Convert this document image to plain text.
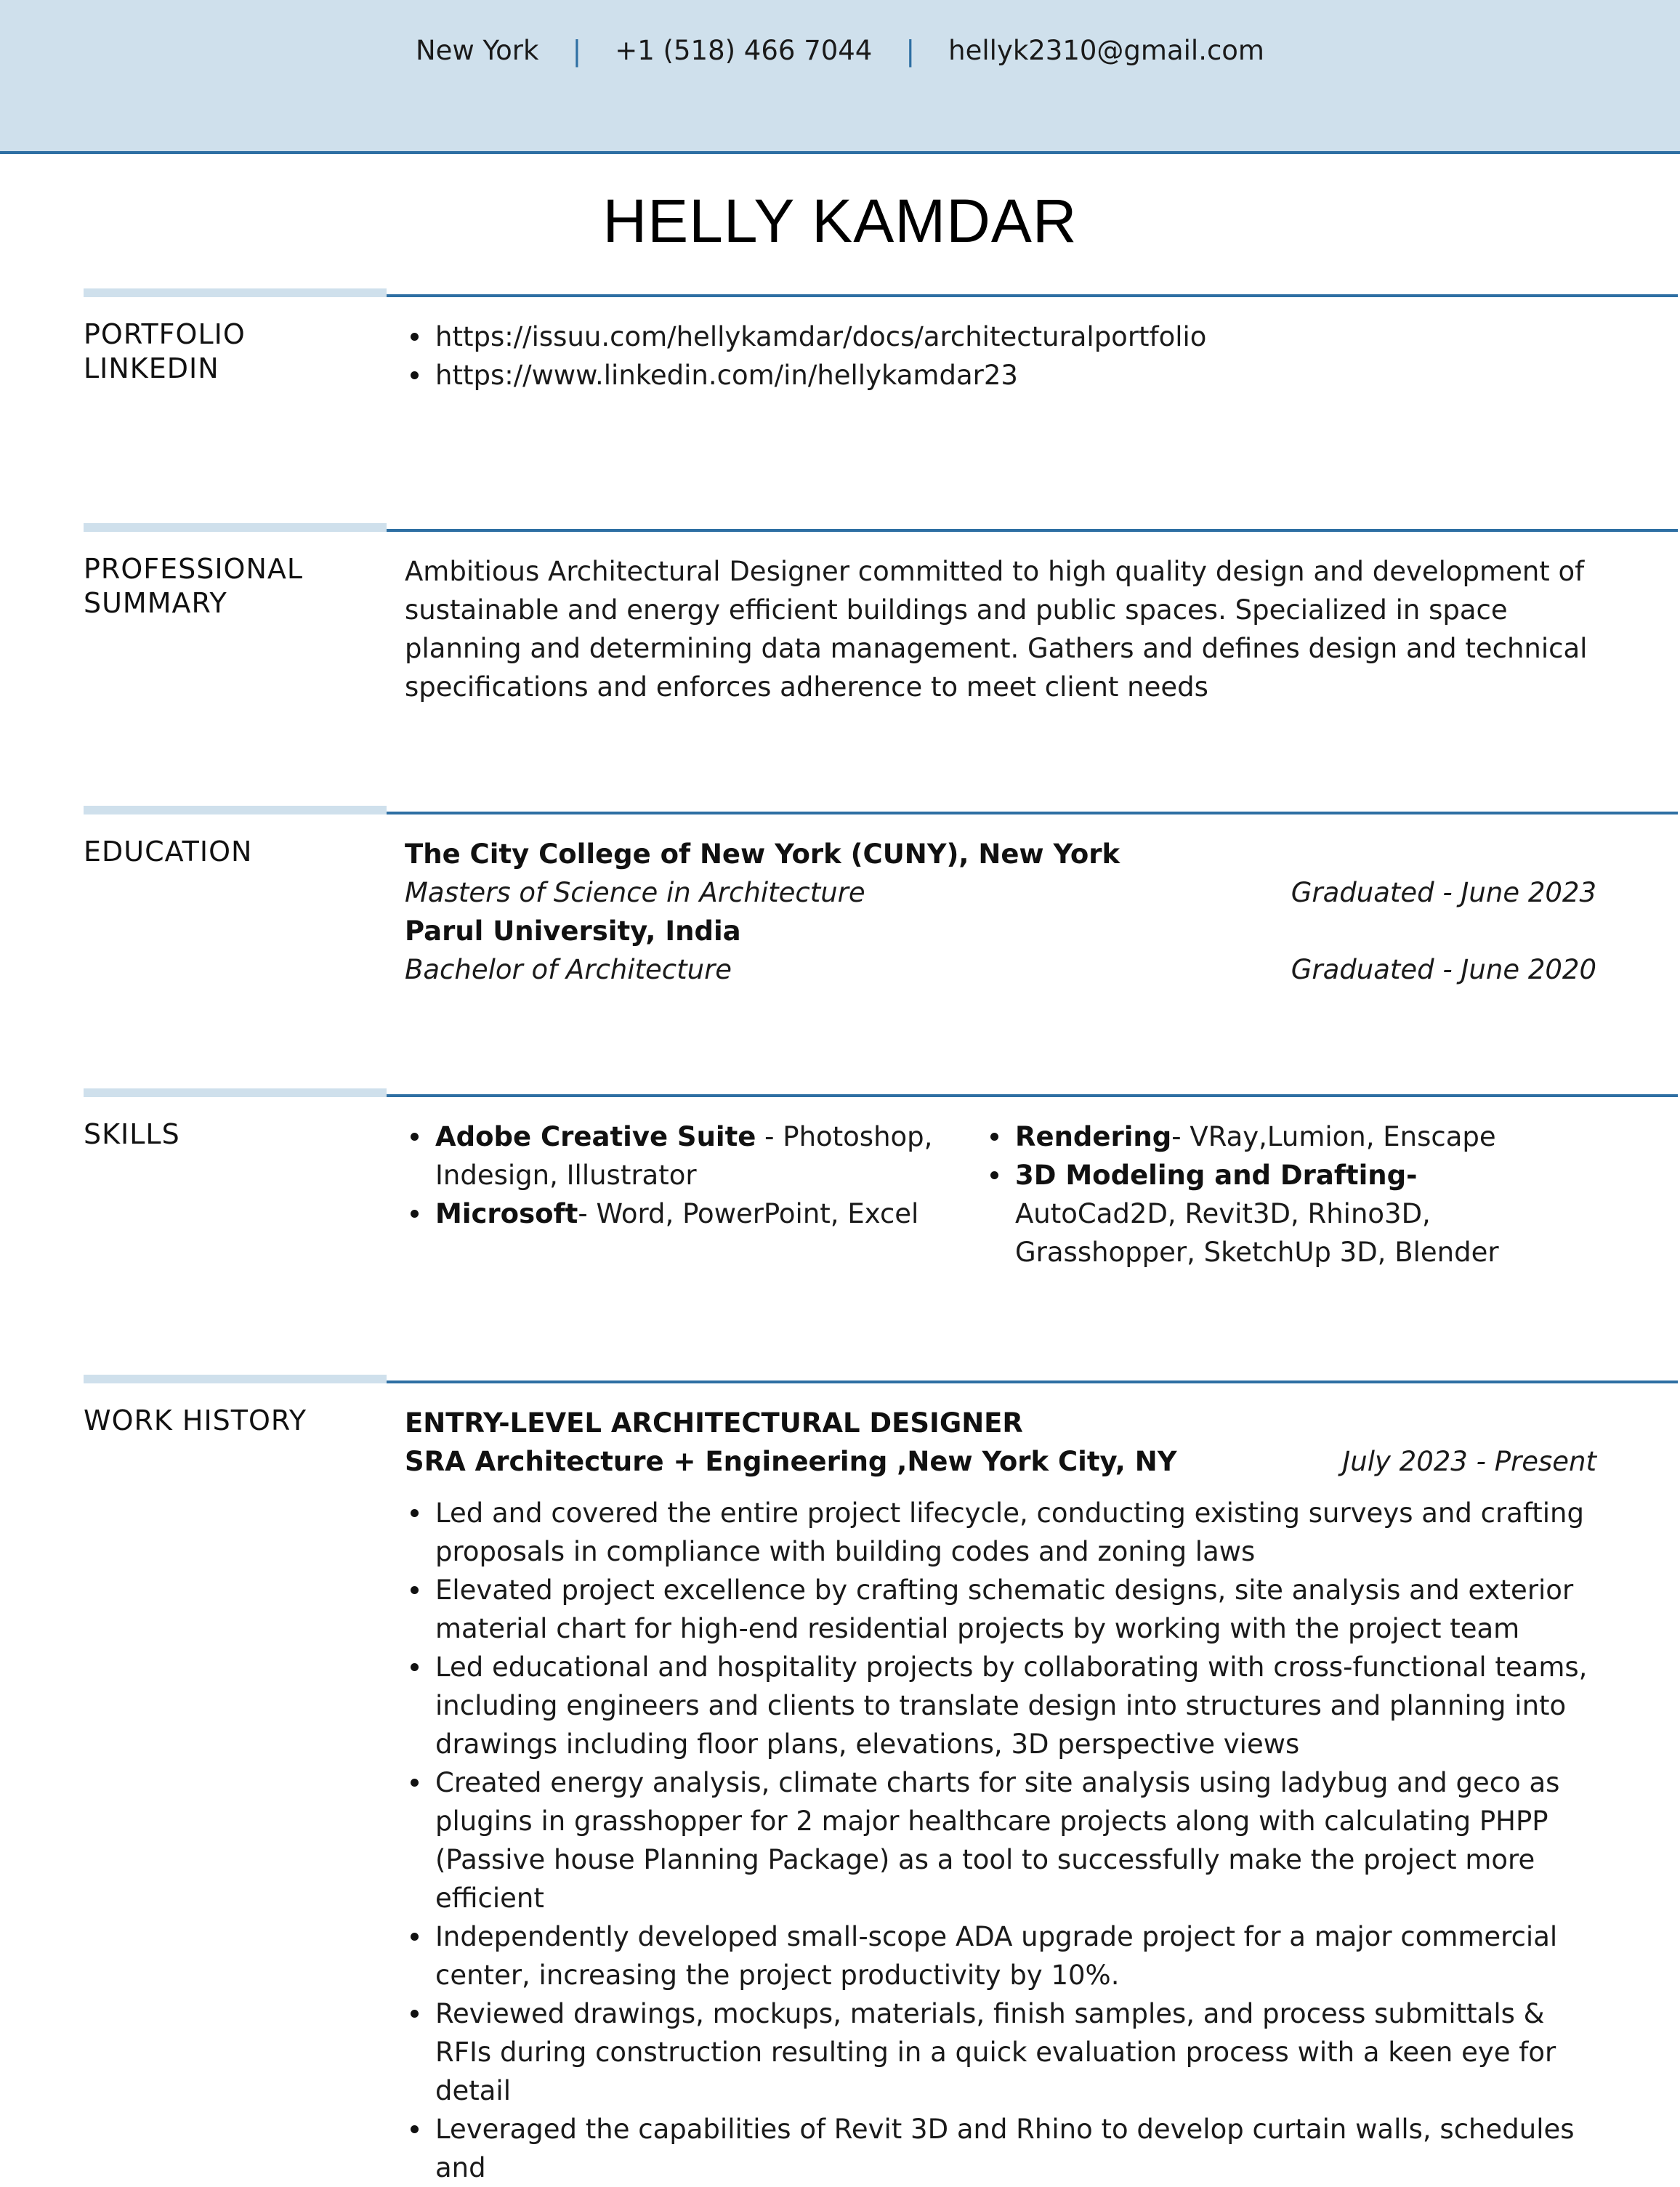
New York | +1 (518) 466 7044 | hellyk2310@gmail.com
HELLY KAMDAR
PORTFOLIO
LINKEDIN
https://issuu.com/hellykamdar/docs/architecturalportfolio
https://www.linkedin.com/in/hellykamdar23
PROFESSIONAL
SUMMARY
Ambitious Architectural Designer committed to high quality design and development of sustainable and energy efficient buildings and public spaces. Specialized in space planning and determining data management. Gathers and defines design and technical specifications and enforces adherence to meet client needs
EDUCATION	The City College of New York (CUNY), New York
Masters of Science in Architecture	Graduated - June 2023
Parul University, India
Bachelor of Architecture	Graduated - June 2020
SKILLS	Adobe Creative Suite - Photoshop, Indesign, Illustrator
Microsoft- Word, PowerPoint, Excel
Rendering- VRay,Lumion, Enscape
3D Modeling and Drafting- AutoCad2D, Revit3D, Rhino3D, Grasshopper, SketchUp 3D, Blender
WORK HISTORY	ENTRY-LEVEL ARCHITECTURAL DESIGNER
SRA Architecture + Engineering ,New York City, NY	July 2023 - Present
Led and covered the entire project lifecycle, conducting existing surveys and crafting proposals in compliance with building codes and zoning laws
Elevated project excellence by crafting schematic designs, site analysis and exterior material chart for high-end residential projects by working with the project team
Led educational and hospitality projects by collaborating with cross-functional teams, including engineers and clients to translate design into structures and planning into drawings including floor plans, elevations, 3D perspective views
Created energy analysis, climate charts for site analysis using ladybug and geco as plugins in grasshopper for 2 major healthcare projects along with calculating PHPP (Passive house Planning Package) as a tool to successfully make the project more efficient
Independently developed small-scope ADA upgrade project for a major commercial center, increasing the project productivity by 10%.
Reviewed drawings, mockups, materials, finish samples, and process submittals & RFIs during construction resulting in a quick evaluation process with a keen eye for detail
Leveraged the capabilities of Revit 3D and Rhino to develop curtain walls, schedules and
